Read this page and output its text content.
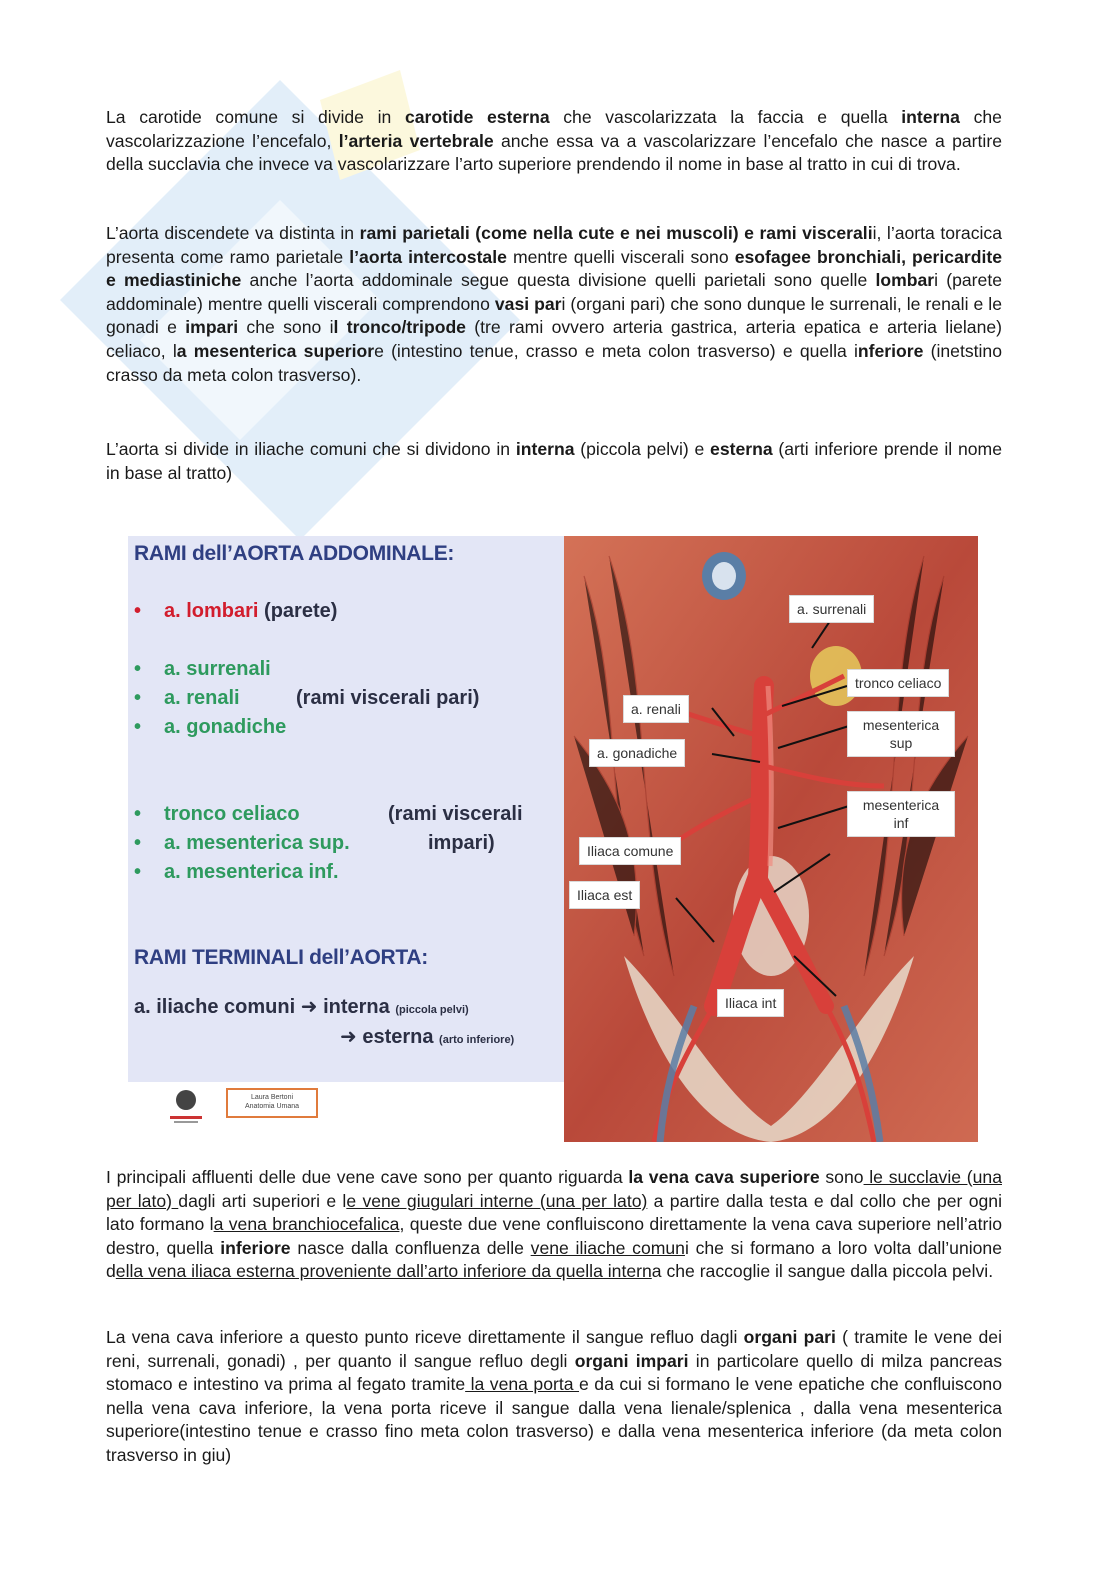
La carotide comune si divide in carotide esterna che vascolarizzata la faccia e quella interna che vascolarizzazione l’encefalo, l’arteria vertebrale anche essa va a vascolarizzare l’encefalo che nasce a partire della succlavia che invece va vascolarizzare l’arto superiore prendendo il nome in base al tratto in cui di trova.

L’aorta discendete va distinta in rami parietali (come nella cute e nei muscoli) e rami visceralii, l’aorta toracica presenta come ramo parietale l’aorta intercostale mentre quelli viscerali sono esofagee bronchiali, pericardite e mediastiniche anche l’aorta addominale segue questa divisione quelli parietali sono quelle lombari (parete addominale) mentre quelli viscerali comprendono vasi pari (organi pari) che sono dunque le surrenali, le renali e le gonadi e impari che sono il tronco/tripode (tre rami ovvero arteria gastrica, arteria epatica e arteria lielane) celiaco, la mesenterica superiore (intestino tenue, crasso e meta colon trasverso) e quella inferiore (inetstino crasso da meta colon trasverso).

L’aorta si divide in iliache comuni che si dividono in interna (piccola pelvi) e esterna (arti inferiore prende il nome in base al tratto)

RAMI dell’AORTA ADDOMINALE:
• a. lombari (parete)
• a. surrenali
• a. renali	(rami viscerali pari)
• a. gonadiche
• tronco celiaco	(rami viscerali
• a. mesenterica sup.	impari)
• a. mesenterica inf.
RAMI TERMINALI dell’AORTA:
a. iliache comuni ➜ interna (piccola pelvi)
➜ esterna (arto inferiore)
Laura Bertoni
Anatomia Umana
a. surrenali
tronco celiaco
a. renali
mesenterica
sup
a. gonadiche
mesenterica
inf
Iliaca comune
Iliaca est
Iliaca int

I principali affluenti delle due vene cave sono per quanto riguarda la vena cava superiore sono le succlavie (una per lato) dagli arti superiori e le vene giugulari interne (una per lato) a partire dalla testa e dal collo che per ogni lato formano la vena branchiocefalica, queste due vene confluiscono direttamente la vena cava superiore nell’atrio destro, quella inferiore nasce dalla confluenza delle vene iliache comuni che si formano a loro volta dall’unione della vena iliaca esterna proveniente dall’arto inferiore da quella interna che raccoglie il sangue dalla piccola pelvi.

La vena cava inferiore a questo punto riceve direttamente il sangue refluo dagli organi pari ( tramite le vene dei reni, surrenali, gonadi) , per quanto il sangue refluo degli organi impari in particolare quello di milza pancreas stomaco e intestino va prima al fegato tramite la vena porta e da cui si formano le vene epatiche che confluiscono nella vena cava inferiore, la vena porta riceve il sangue dalla vena lienale/splenica , dalla vena mesenterica superiore(intestino tenue e crasso fino meta colon trasverso) e dalla vena mesenterica inferiore (da meta colon trasverso in giu)
